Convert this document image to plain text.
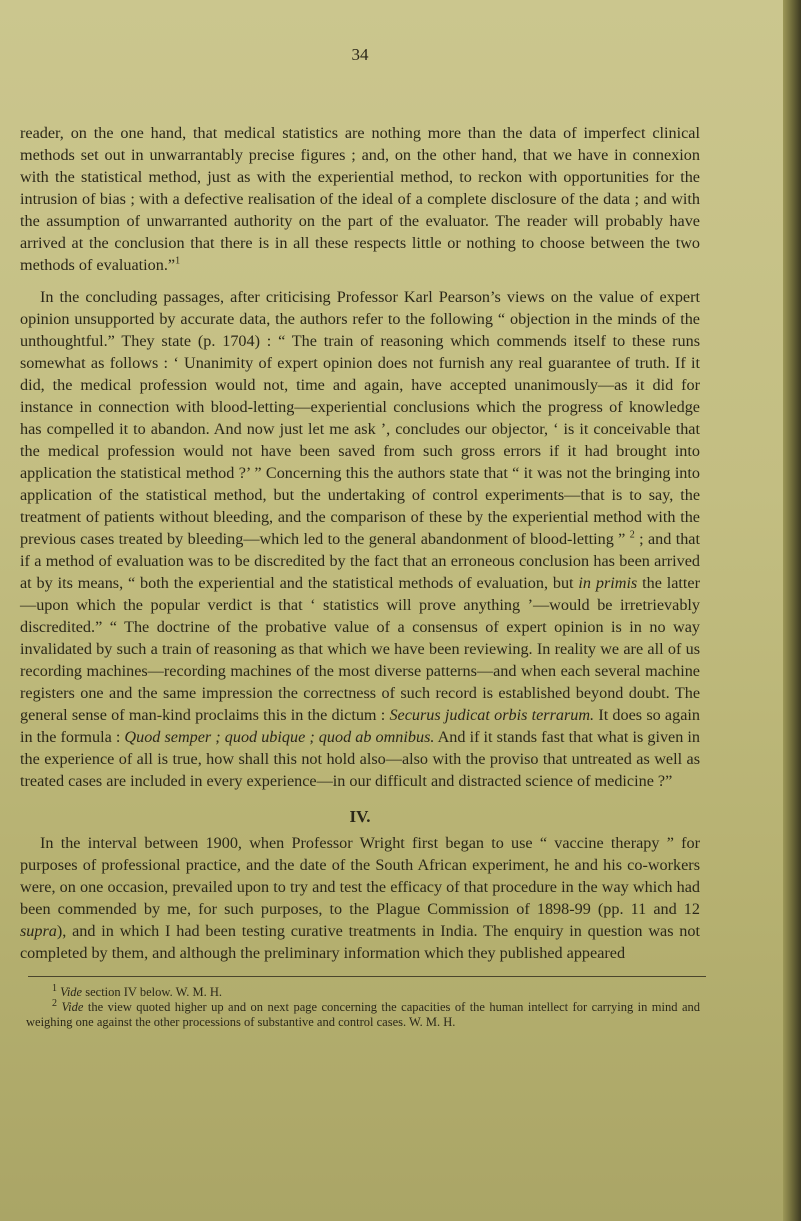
34

reader, on the one hand, that medical statistics are nothing more than the data of imperfect clinical methods set out in unwarrantably precise figures ; and, on the other hand, that we have in connexion with the statistical method, just as with the experiential method, to reckon with opportunities for the intrusion of bias ; with a defective realisation of the ideal of a complete disclosure of the data ; and with the assumption of unwarranted authority on the part of the evaluator. The reader will probably have arrived at the conclusion that there is in all these respects little or nothing to choose between the two methods of evaluation.”$^1$

In the concluding passages, after criticising Professor Karl Pearson’s views on the value of expert opinion unsupported by accurate data, the authors refer to the following “ objection in the minds of the unthoughtful.” They state (p. 1704) : “ The train of reasoning which commends itself to these runs somewhat as follows : ‘ Unanimity of expert opinion does not furnish any real guarantee of truth. If it did, the medical profession would not, time and again, have accepted unanimously—as it did for instance in connection with blood-letting—experiential conclusions which the progress of knowledge has compelled it to abandon. And now just let me ask ’, concludes our objector, ‘ is it conceivable that the medical profession would not have been saved from such gross errors if it had brought into application the statistical method ?’ ” Concerning this the authors state that “ it was not the bringing into application of the statistical method, but the undertaking of control experiments—that is to say, the treatment of patients without bleeding, and the comparison of these by the experiential method with the previous cases treated by bleeding—which led to the general abandonment of blood-letting ” $^2$ ; and that if a method of evaluation was to be discredited by the fact that an erroneous conclusion has been arrived at by its means, “ both the experiential and the statistical methods of evaluation, but in primis the latter—upon which the popular verdict is that ‘ statistics will prove anything ’—would be irretrievably discredited.” “ The doctrine of the probative value of a consensus of expert opinion is in no way invalidated by such a train of reasoning as that which we have been reviewing. In reality we are all of us recording machines—recording machines of the most diverse patterns—and when each several machine registers one and the same impression the correctness of such record is established beyond doubt. The general sense of man-kind proclaims this in the dictum : Securus judicat orbis terrarum. It does so again in the formula : Quod semper ; quod ubique ; quod ab omnibus. And if it stands fast that what is given in the experience of all is true, how shall this not hold also—also with the proviso that untreated as well as treated cases are included in every experience—in our difficult and distracted science of medicine ?”

IV.

In the interval between 1900, when Professor Wright first began to use “ vaccine therapy ” for purposes of professional practice, and the date of the South African experiment, he and his co-workers were, on one occasion, prevailed upon to try and test the efficacy of that procedure in the way which had been commended by me, for such purposes, to the Plague Commission of 1898-99 (pp. 11 and 12 supra), and in which I had been testing curative treatments in India. The enquiry in question was not completed by them, and although the preliminary information which they published appeared

$^1$ Vide section IV below. W. M. H.
$^2$ Vide the view quoted higher up and on next page concerning the capacities of the human intellect for carrying in mind and weighing one against the other processions of substantive and control cases. W. M. H.
